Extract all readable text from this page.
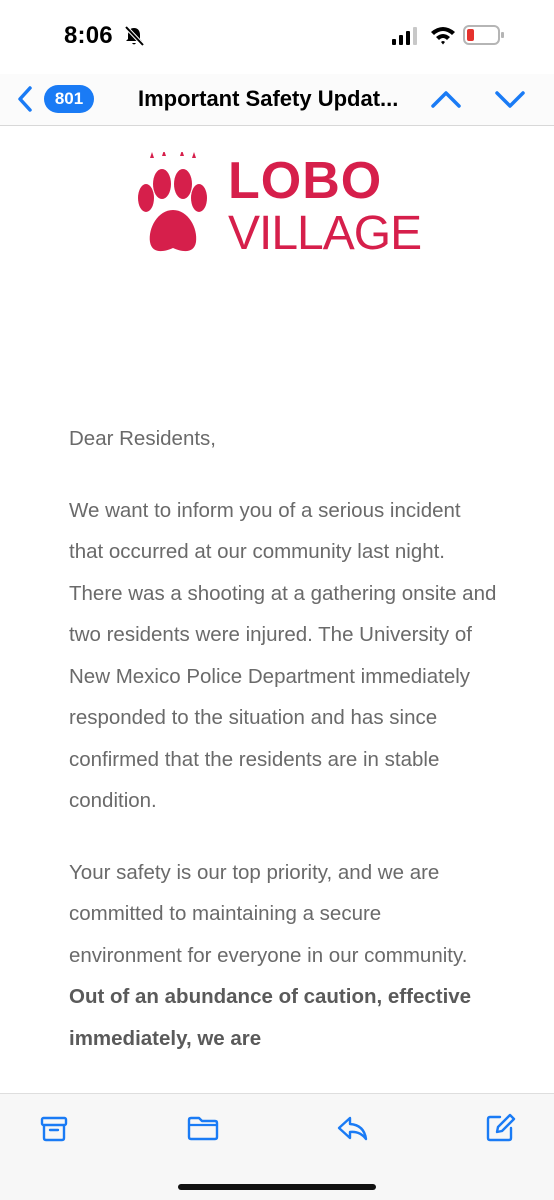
8:06
801	Important Safety Updat...
LOBO
VILLAGE

Dear Residents,

We want to inform you of a serious incident that occurred at our community last night. There was a shooting at a gathering onsite and two residents were injured. The University of New Mexico Police Department immediately responded to the situation and has since confirmed that the residents are in stable condition.

Your safety is our top priority, and we are committed to maintaining a secure environment for everyone in our community. Out of an abundance of caution, effective immediately, we are
